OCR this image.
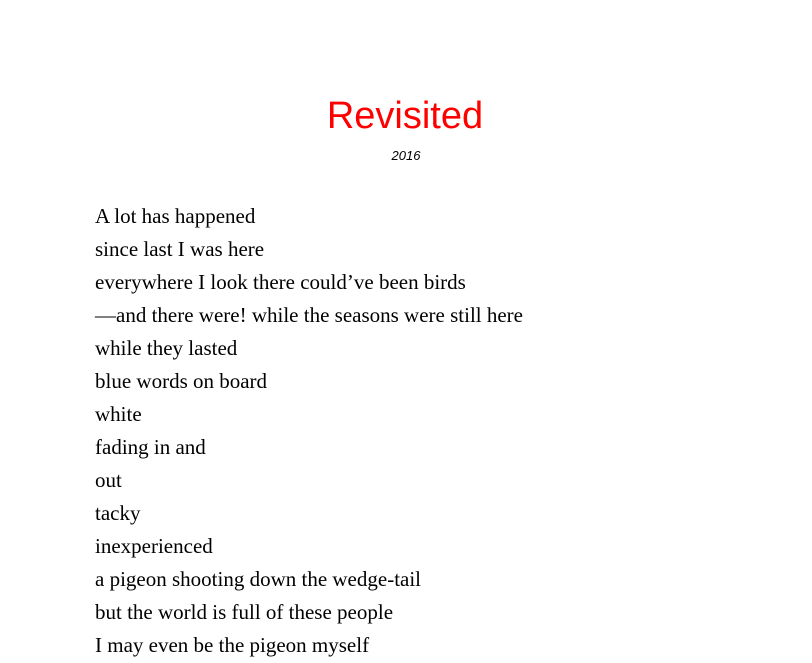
Revisited
2016
A lot has happened
since last I was here
everywhere I look there could’ve been birds
—and there were! while the seasons were still here
while they lasted
blue words on board
white
fading in and
out
tacky
inexperienced
a pigeon shooting down the wedge-tail
but the world is full of these people
I may even be the pigeon myself
